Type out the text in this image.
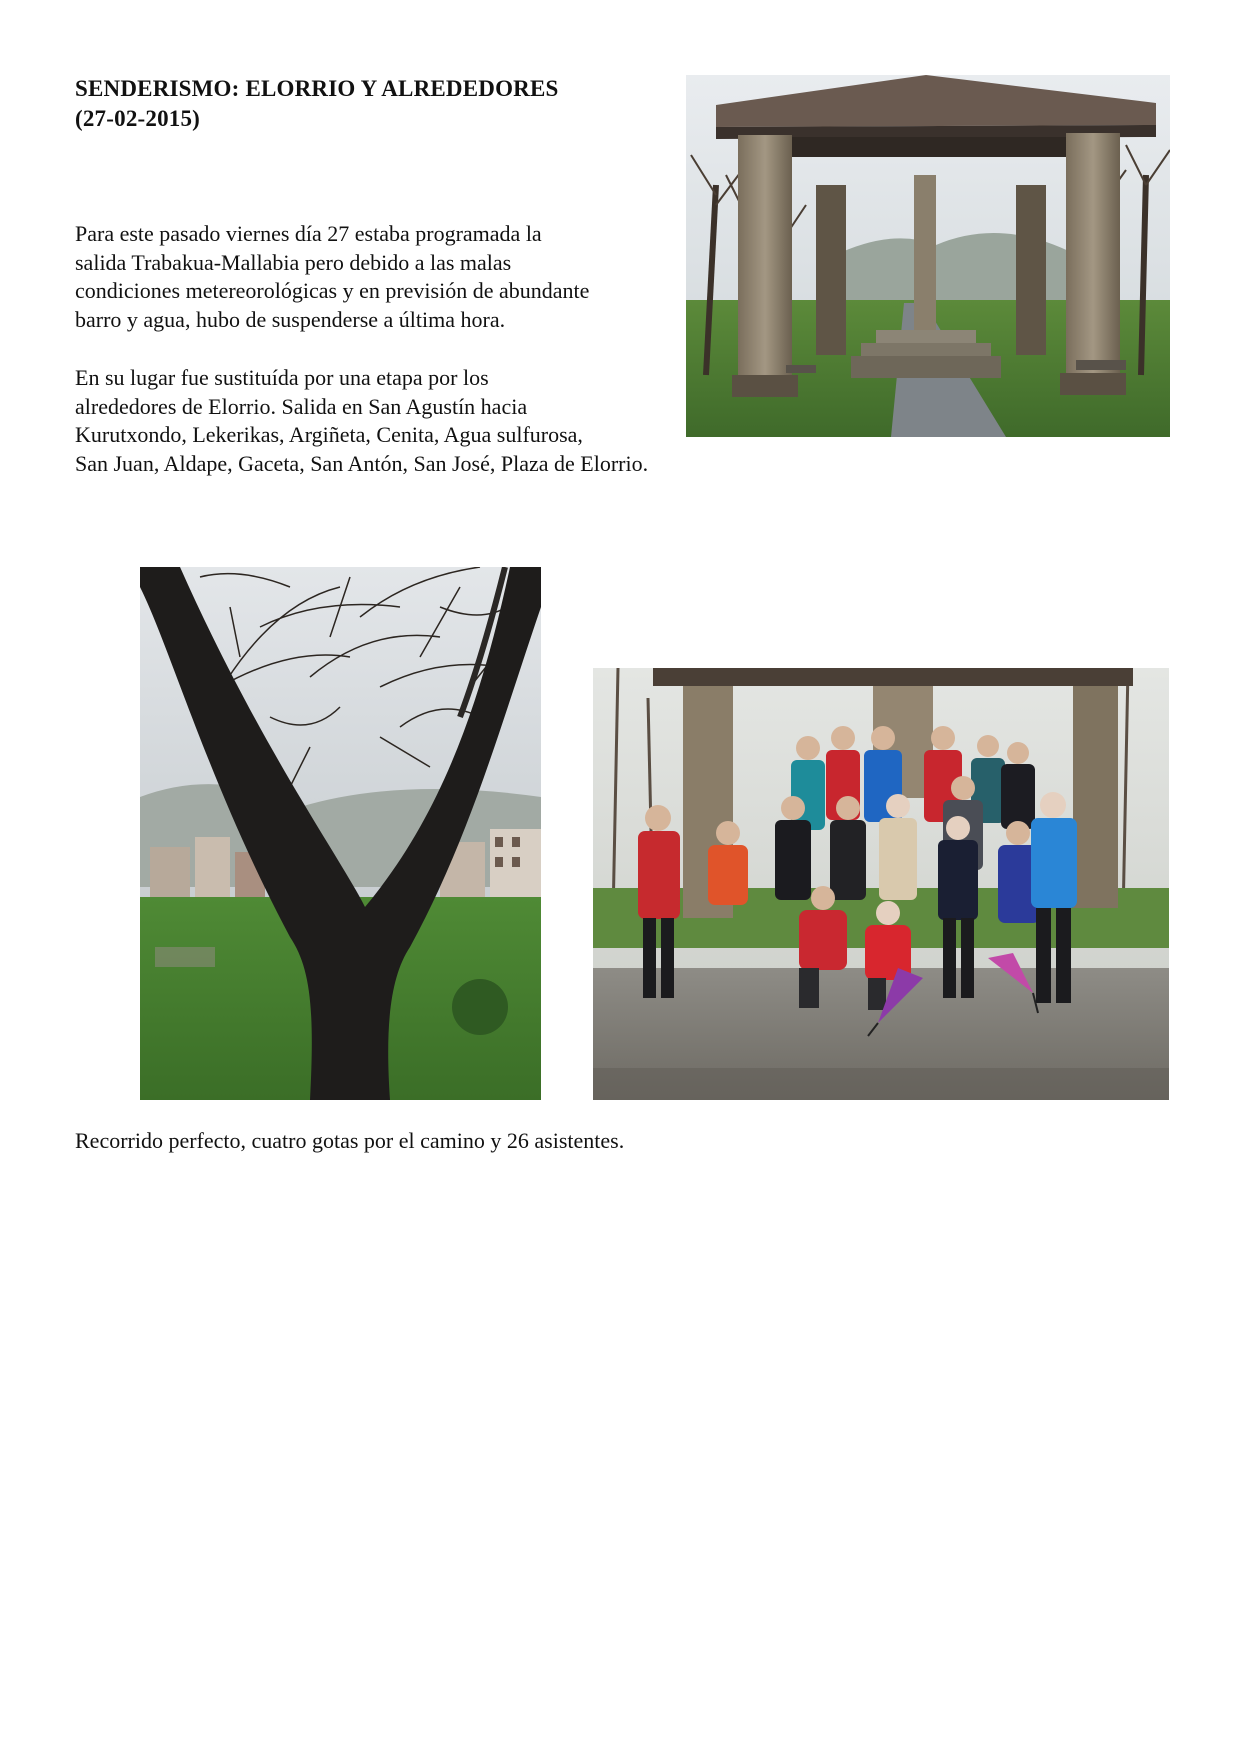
SENDERISMO: ELORRIO Y ALREDEDORES
(27-02-2015)
Para este pasado viernes día 27 estaba programada la
salida Trabakua-Mallabia pero debido a las malas
condiciones metereorológicas y en previsión de abundante
barro y agua, hubo de suspenderse a última hora.
En su lugar fue sustituída por una etapa por los
alrededores de Elorrio. Salida en San Agustín hacia
Kurutxondo, Lekerikas, Argiñeta, Cenita, Agua sulfurosa,
San Juan, Aldape, Gaceta, San Antón, San José, Plaza de Elorrio.

Recorrido perfecto, cuatro gotas por el camino y 26 asistentes.
